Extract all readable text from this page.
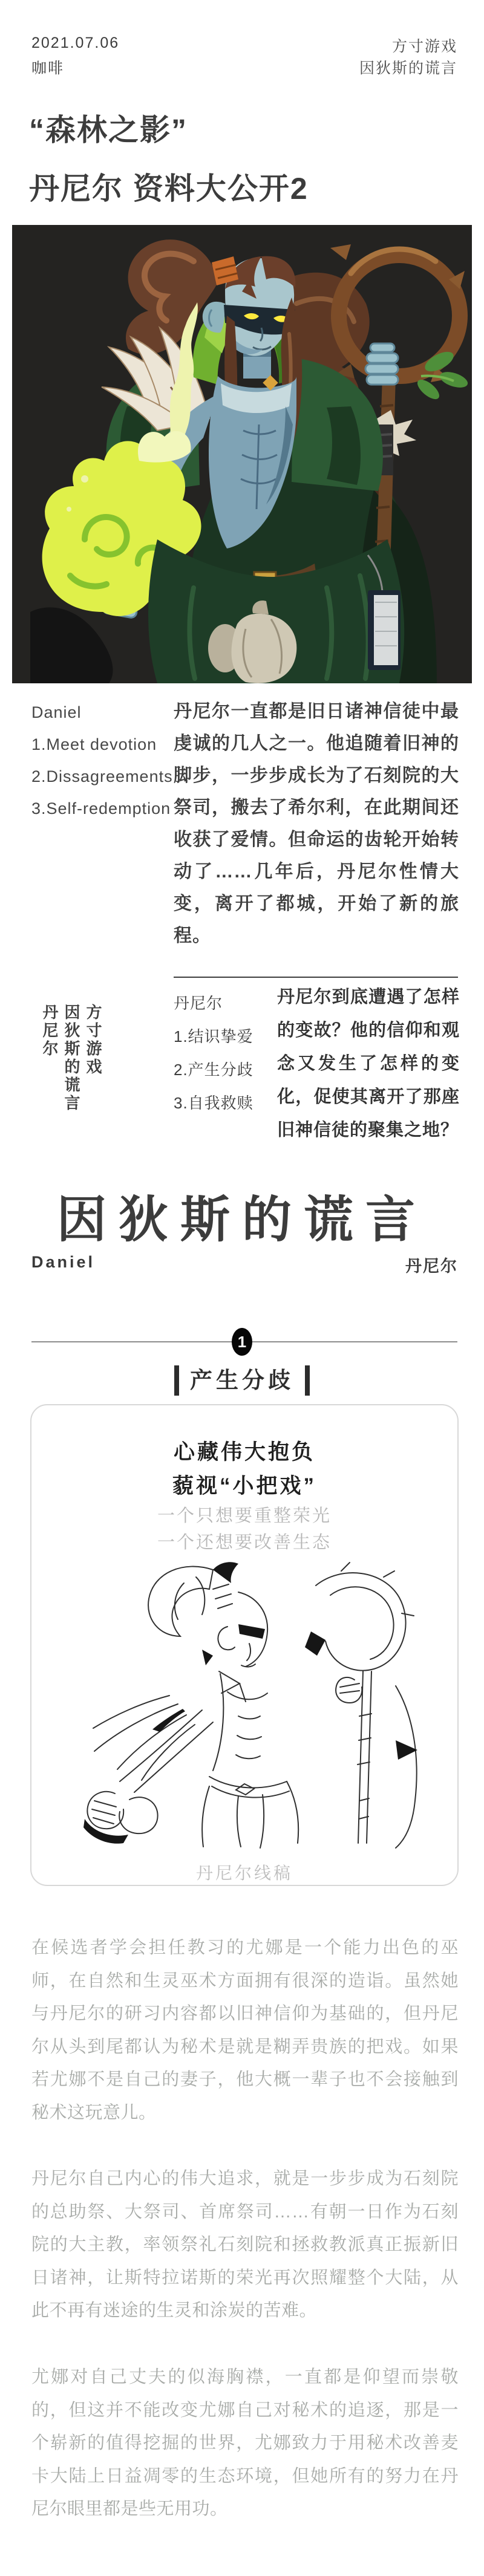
2021.07.06
咖啡
方寸游戏
因狄斯的谎言
“森林之影”
丹尼尔 资料大公开2
Daniel
1.Meet devotion
2.Dissagreements
3.Self-redemption
丹尼尔一直都是旧日诸神信徒中最虔诚的几人之一。他追随着旧神的脚步，一步步成长为了石刻院的大祭司，搬去了希尔利，在此期间还收获了爱情。但命运的齿轮开始转动了……几年后，丹尼尔性情大变，离开了都城，开始了新的旅程。
方寸游戏
因狄斯的谎言
丹尼尔
丹尼尔
1.结识挚爱
2.产生分歧
3.自我救赎
丹尼尔到底遭遇了怎样的变故？他的信仰和观念又发生了怎样的变化，促使其离开了那座旧神信徒的聚集之地？
因狄斯的谎言
Daniel	丹尼尔
1
产生分歧
心藏伟大抱负
藐视“小把戏”
一个只想要重整荣光
一个还想要改善生态
丹尼尔线稿
在候选者学会担任教习的尤娜是一个能力出色的巫师，在自然和生灵巫术方面拥有很深的造诣。虽然她与丹尼尔的研习内容都以旧神信仰为基础的，但丹尼尔从头到尾都认为秘术是就是糊弄贵族的把戏。如果若尤娜不是自己的妻子，他大概一辈子也不会接触到秘术这玩意儿。
丹尼尔自己内心的伟大追求，就是一步步成为石刻院的总助祭、大祭司、首席祭司……有朝一日作为石刻院的大主教，率领祭礼石刻院和拯救教派真正振新旧日诸神，让斯特拉诺斯的荣光再次照耀整个大陆，从此不再有迷途的生灵和涂炭的苦难。
尤娜对自己丈夫的似海胸襟，一直都是仰望而崇敬的，但这并不能改变尤娜自己对秘术的追逐，那是一个崭新的值得挖掘的世界，尤娜致力于用秘术改善麦卡大陆上日益凋零的生态环境，但她所有的努力在丹尼尔眼里都是些无用功。
